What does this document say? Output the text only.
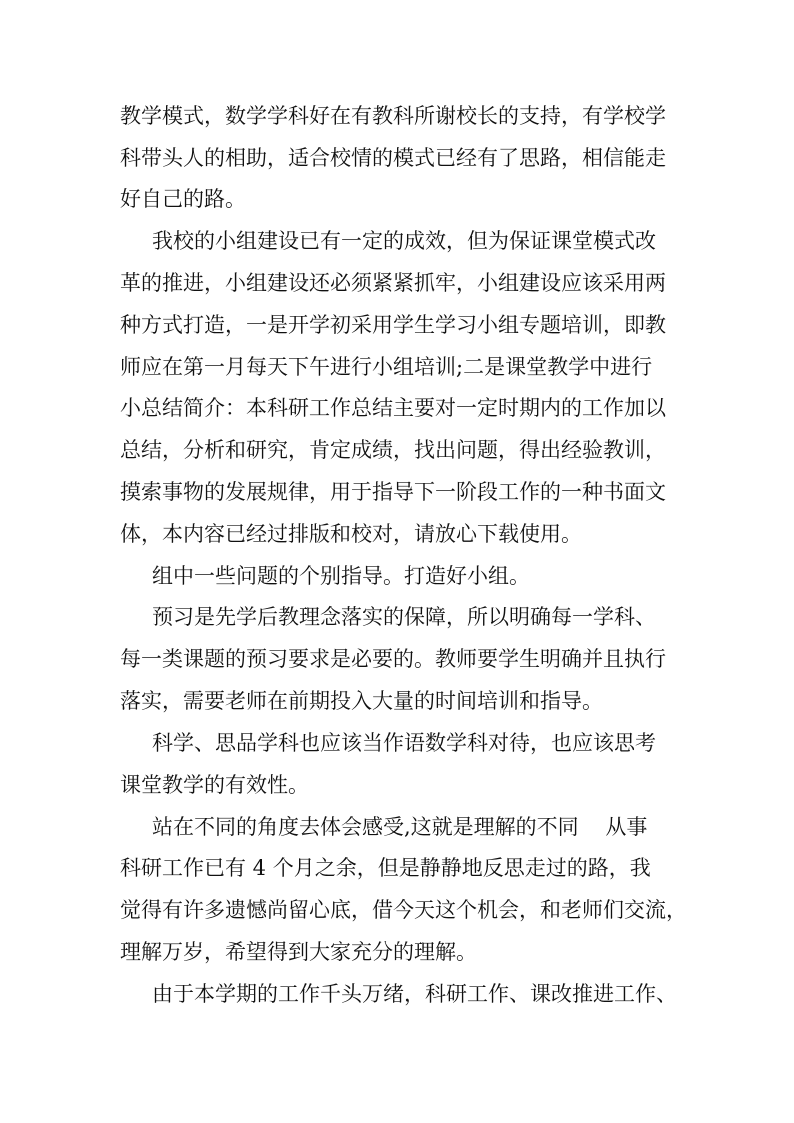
教学模式，数学学科好在有教科所谢校长的支持，有学校学
科带头人的相助，适合校情的模式已经有了思路，相信能走
好自己的路。
我校的小组建设已有一定的成效，但为保证课堂模式改
革的推进，小组建设还必须紧紧抓牢，小组建设应该采用两
种方式打造，一是开学初采用学生学习小组专题培训，即教
师应在第一月每天下午进行小组培训;二是课堂教学中进行
小总结简介：本科研工作总结主要对一定时期内的工作加以
总结，分析和研究，肯定成绩，找出问题，得出经验教训，
摸索事物的发展规律，用于指导下一阶段工作的一种书面文
体，本内容已经过排版和校对，请放心下载使用。
组中一些问题的个别指导。打造好小组。
预习是先学后教理念落实的保障，所以明确每一学科、
每一类课题的预习要求是必要的。教师要学生明确并且执行
落实，需要老师在前期投入大量的时间培训和指导。
科学、思品学科也应该当作语数学科对待，也应该思考
课堂教学的有效性。
站在不同的角度去体会感受,这就是理解的不同    从事
科研工作已有 4 个月之余，但是静静地反思走过的路，我
觉得有许多遗憾尚留心底，借今天这个机会，和老师们交流，
理解万岁，希望得到大家充分的理解。
由于本学期的工作千头万绪，科研工作、课改推进工作、
